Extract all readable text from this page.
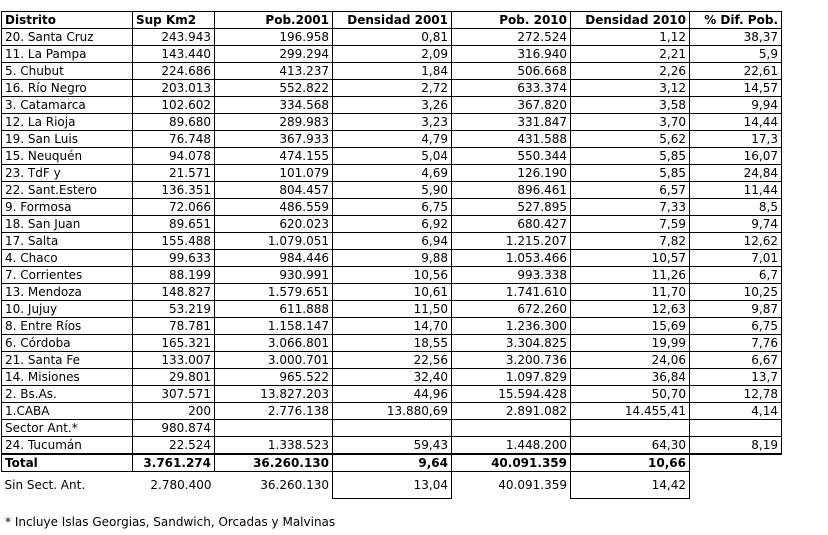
Distrito	Sup Km2	Pob.2001	Densidad 2001	Pob. 2010	Densidad 2010	% Dif. Pob.
20. Santa Cruz	243.943	196.958	0,81	272.524	1,12	38,37
11. La Pampa	143.440	299.294	2,09	316.940	2,21	5,9
5. Chubut	224.686	413.237	1,84	506.668	2,26	22,61
16. Río Negro	203.013	552.822	2,72	633.374	3,12	14,57
3. Catamarca	102.602	334.568	3,26	367.820	3,58	9,94
12. La Rioja	89.680	289.983	3,23	331.847	3,70	14,44
19. San Luis	76.748	367.933	4,79	431.588	5,62	17,3
15. Neuquén	94.078	474.155	5,04	550.344	5,85	16,07
23. TdF y	21.571	101.079	4,69	126.190	5,85	24,84
22. Sant.Estero	136.351	804.457	5,90	896.461	6,57	11,44
9. Formosa	72.066	486.559	6,75	527.895	7,33	8,5
18. San Juan	89.651	620.023	6,92	680.427	7,59	9,74
17. Salta	155.488	1.079.051	6,94	1.215.207	7,82	12,62
4. Chaco	99.633	984.446	9,88	1.053.466	10,57	7,01
7. Corrientes	88.199	930.991	10,56	993.338	11,26	6,7
13. Mendoza	148.827	1.579.651	10,61	1.741.610	11,70	10,25
10. Jujuy	53.219	611.888	11,50	672.260	12,63	9,87
8. Entre Ríos	78.781	1.158.147	14,70	1.236.300	15,69	6,75
6. Córdoba	165.321	3.066.801	18,55	3.304.825	19,99	7,76
21. Santa Fe	133.007	3.000.701	22,56	3.200.736	24,06	6,67
14. Misiones	29.801	965.522	32,40	1.097.829	36,84	13,7
2. Bs.As.	307.571	13.827.203	44,96	15.594.428	50,70	12,78
1.CABA	200	2.776.138	13.880,69	2.891.082	14.455,41	4,14
Sector Ant.*	980.874					
24. Tucumán	22.524	1.338.523	59,43	1.448.200	64,30	8,19
Total	3.761.274	36.260.130	9,64	40.091.359	10,66	
Sin Sect. Ant.	2.780.400	36.260.130	13,04	40.091.359	14,42	
* Incluye Islas Georgias, Sandwich, Orcadas y Malvinas
